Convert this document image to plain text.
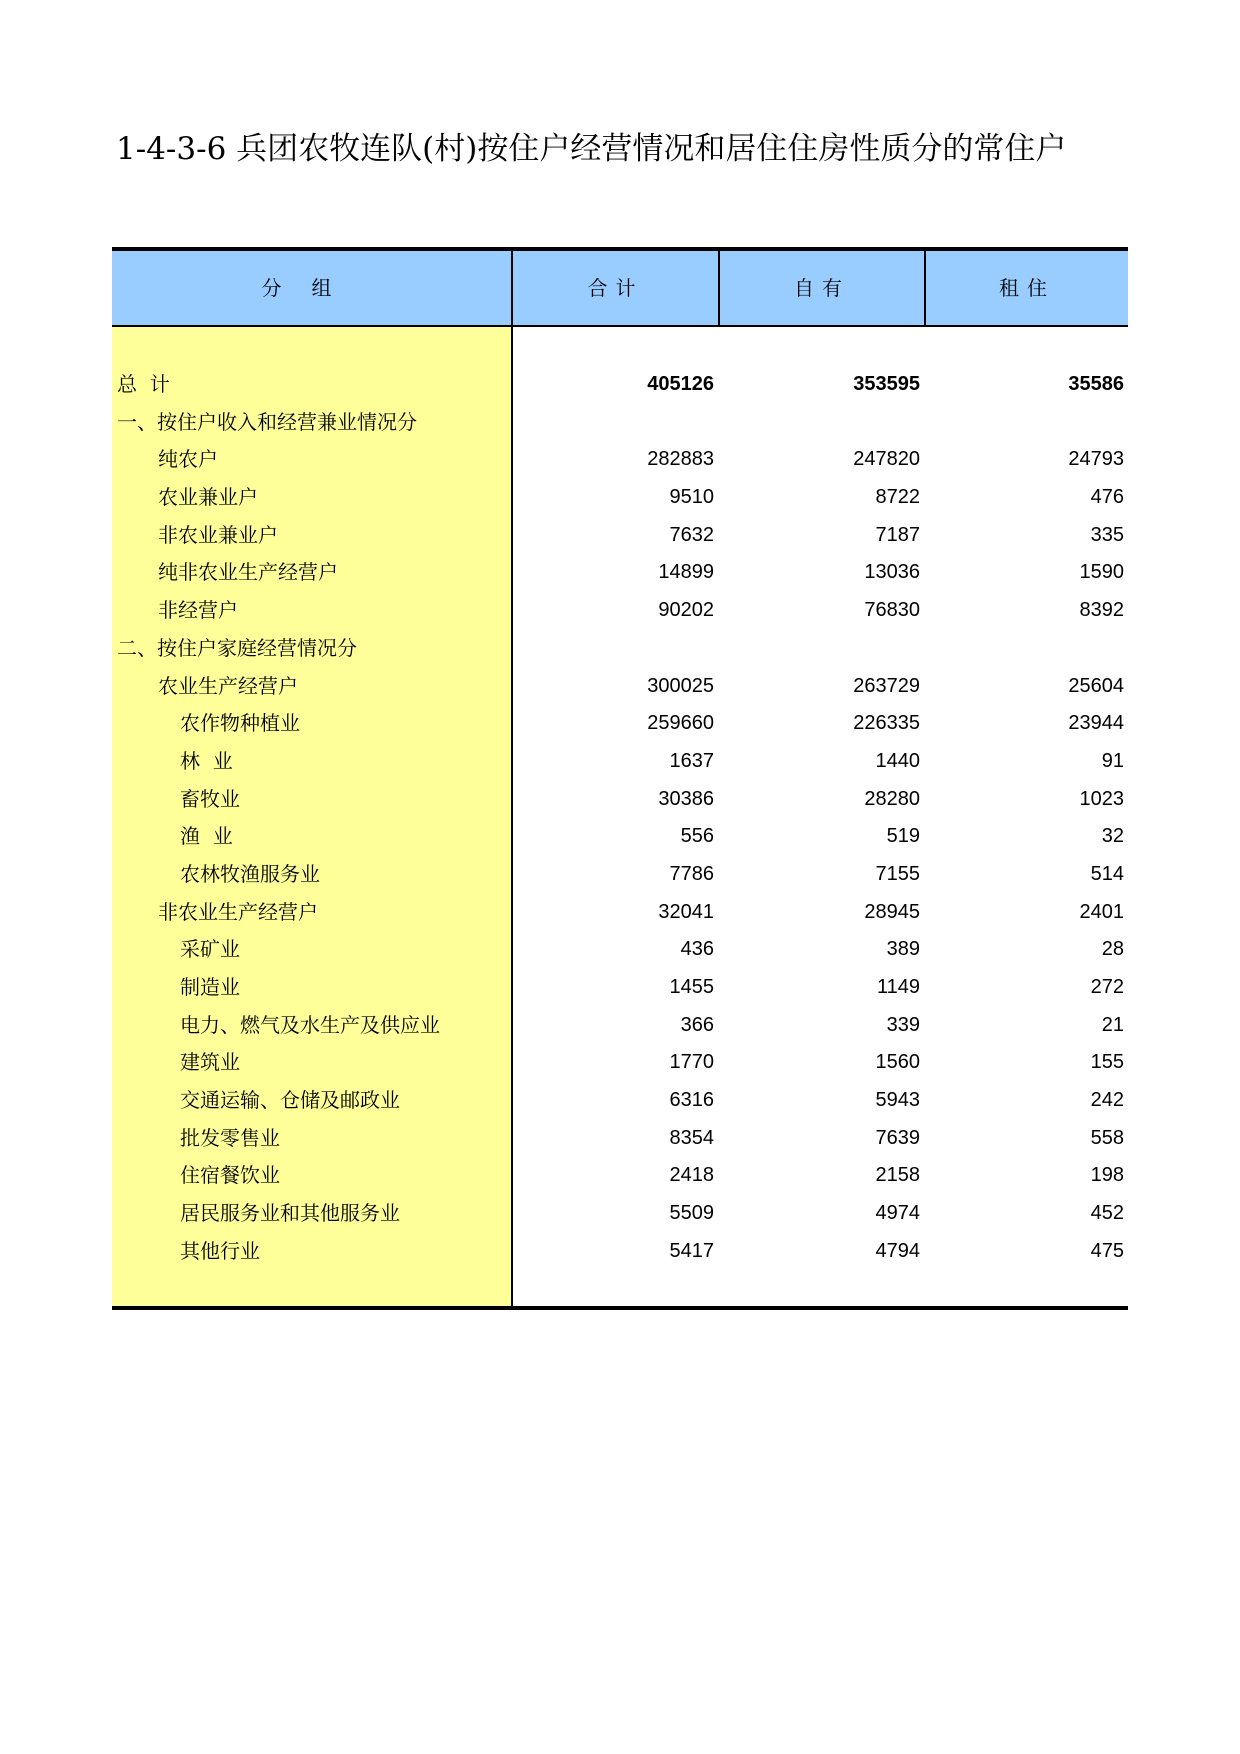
1-4-3-6 兵团农牧连队(村)按住户经营情况和居住住房性质分的常住户
分组	合计	自有	租住
总  计	405126	353595	35586
一、按住户收入和经营兼业情况分
纯农户	282883	247820	24793
农业兼业户	9510	8722	476
非农业兼业户	7632	7187	335
纯非农业生产经营户	14899	13036	1590
非经营户	90202	76830	8392
二、按住户家庭经营情况分
农业生产经营户	300025	263729	25604
农作物种植业	259660	226335	23944
林  业	1637	1440	91
畜牧业	30386	28280	1023
渔  业	556	519	32
农林牧渔服务业	7786	7155	514
非农业生产经营户	32041	28945	2401
采矿业	436	389	28
制造业	1455	1149	272
电力、燃气及水生产及供应业	366	339	21
建筑业	1770	1560	155
交通运输、仓储及邮政业	6316	5943	242
批发零售业	8354	7639	558
住宿餐饮业	2418	2158	198
居民服务业和其他服务业	5509	4974	452
其他行业	5417	4794	475
